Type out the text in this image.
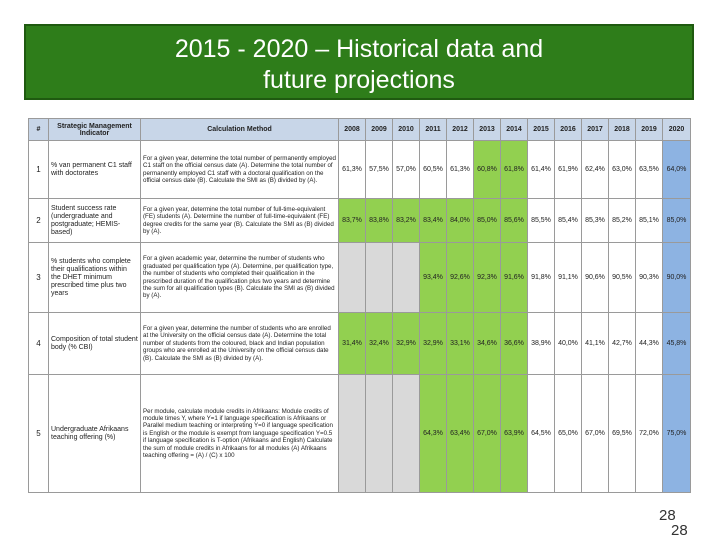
2015 - 2020 – Historical data and
future projections
#	Strategic Management Indicator	Calculation Method	2008	2009	2010	2011	2012	2013	2014	2015	2016	2017	2018	2019	2020
1	% van permanent C1 staff with doctorates	For a given year, determine the total number of permanently employed C1 staff on the official census date (A). Determine the total number of permanently employed C1 staff with a doctoral qualification on the official census date (B). Calculate the SMI as (B) divided by (A).	61,3%	57,5%	57,0%	60,5%	61,3%	60,8%	61,8%	61,4%	61,9%	62,4%	63,0%	63,5%	64,0%
2	Student success rate (undergraduate and postgraduate; HEMIS-based)	For a given year, determine the total number of full-time-equivalent (FE) students (A). Determine the number of full-time-equivalent (FE) degree credits for the same year (B). Calculate the SMI as (B) divided by (A).	83,7%	83,8%	83,2%	83,4%	84,0%	85,0%	85,6%	85,5%	85,4%	85,3%	85,2%	85,1%	85,0%
3	% students who complete their qualifications within the DHET minimum prescribed time plus two years	For a given academic year, determine the number of students who graduated per qualification type (A). Determine, per qualification type, the number of students who completed their qualification in the prescribed duration of the qualification plus two years and determine the sum for all qualification types (B). Calculate the SMI as (B) divided by (A).				93,4%	92,6%	92,3%	91,6%	91,8%	91,1%	90,6%	90,5%	90,3%	90,0%
4	Composition of total student body (% CBI)	For a given year, determine the number of students who are enrolled at the University on the official census date (A). Determine the total number of students from the coloured, black and Indian population groups who are enrolled at the University on the official census date (B). Calculate the SMI as (B) divided by (A).	31,4%	32,4%	32,9%	32,9%	33,1%	34,6%	36,6%	38,9%	40,0%	41,1%	42,7%	44,3%	45,8%
5	Undergraduate Afrikaans teaching offering (%)	Per module, calculate module credits in Afrikaans: Module credits of module times Y, where Y=1 if language specification is Afrikaans or Parallel medium teaching or interpreting Y=0 if language specification is English or the module is exempt from language specification Y=0.5 if language specification is T-option (Afrikaans and English) Calculate the sum of module credits in Afrikaans for all modules (A) Afrikaans teaching offering = (A) / (C) x 100				64,3%	63,4%	67,0%	63,9%	64,5%	65,0%	67,0%	69,5%	72,0%	75,0%
28
28
